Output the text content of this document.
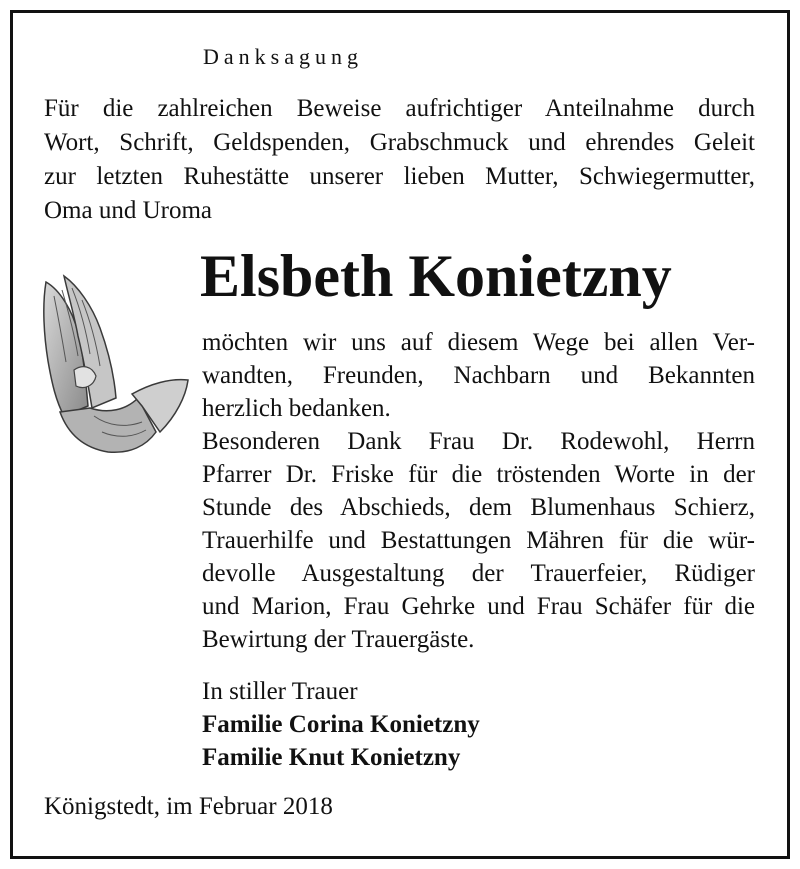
Danksagung
Für die zahlreichen Beweise aufrichtiger Anteilnahme durch
Wort, Schrift, Geldspenden, Grabschmuck und ehrendes Geleit
zur letzten Ruhestätte unserer lieben Mutter, Schwiegermutter,
Oma und Uroma
Elsbeth Konietzny
möchten wir uns auf diesem Wege bei allen Ver-
wandten, Freunden, Nachbarn und Bekannten
herzlich bedanken.
Besonderen Dank Frau Dr. Rodewohl, Herrn
Pfarrer Dr. Friske für die tröstenden Worte in der
Stunde des Abschieds, dem Blumenhaus Schierz,
Trauerhilfe und Bestattungen Mähren für die wür-
devolle Ausgestaltung der Trauerfeier, Rüdiger
und Marion, Frau Gehrke und Frau Schäfer für die
Bewirtung der Trauergäste.
In stiller Trauer
Familie Corina Konietzny
Familie Knut Konietzny
Königstedt, im Februar 2018
